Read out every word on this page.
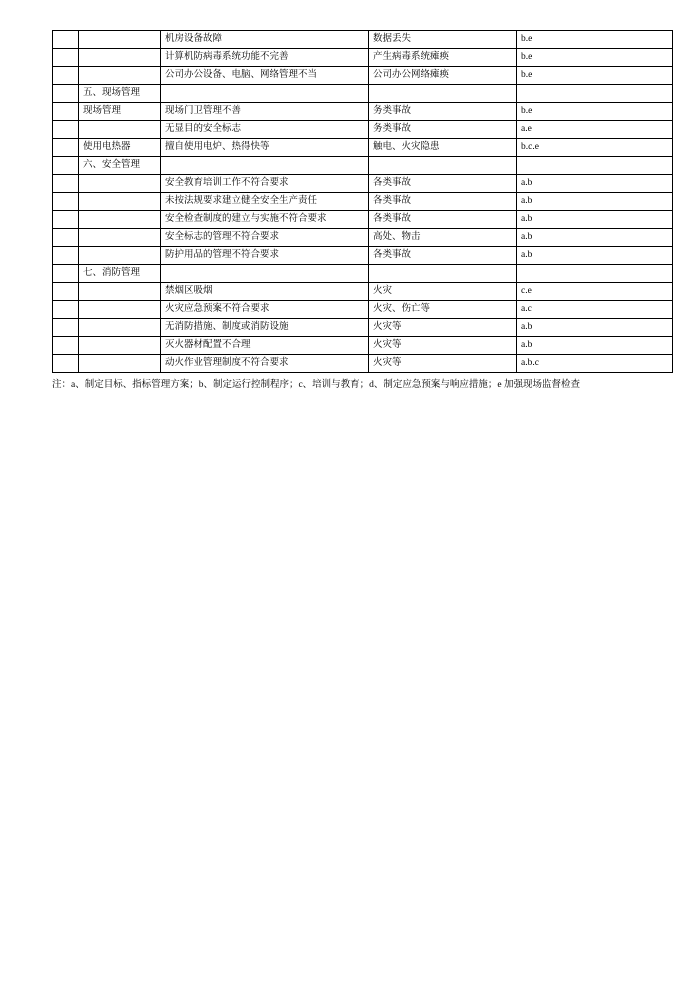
		机房设备故障	数据丢失	b.e
		计算机防病毒系统功能不完善	产生病毒系统瘫痪	b.e
		公司办公设备、电脑、网络管理不当	公司办公网络瘫痪	b.e
	五、现场管理			
	现场管理	现场门卫管理不善	务类事故	b.e
		无显目的安全标志	务类事故	a.e
	使用电热器	擅自使用电炉、热得快等	触电、火灾隐患	b.c.e
	六、安全管理			
		安全教育培训工作不符合要求	各类事故	a.b
		未按法规要求建立健全安全生产责任	各类事故	a.b
		安全检查制度的建立与实施不符合要求	各类事故	a.b
		安全标志的管理不符合要求	高处、物击	a.b
		防护用品的管理不符合要求	各类事故	a.b
	七、消防管理			
		禁烟区吸烟	火灾	c.e
		火灾应急预案不符合要求	火灾、伤亡等	a.c
		无消防措施、制度或消防设施	火灾等	a.b
		灭火器材配置不合理	火灾等	a.b
		动火作业管理制度不符合要求	火灾等	a.b.c
注：a、制定目标、指标管理方案；b、制定运行控制程序；c、培训与教育；d、制定应急预案与响应措施；e 加强现场监督检查
